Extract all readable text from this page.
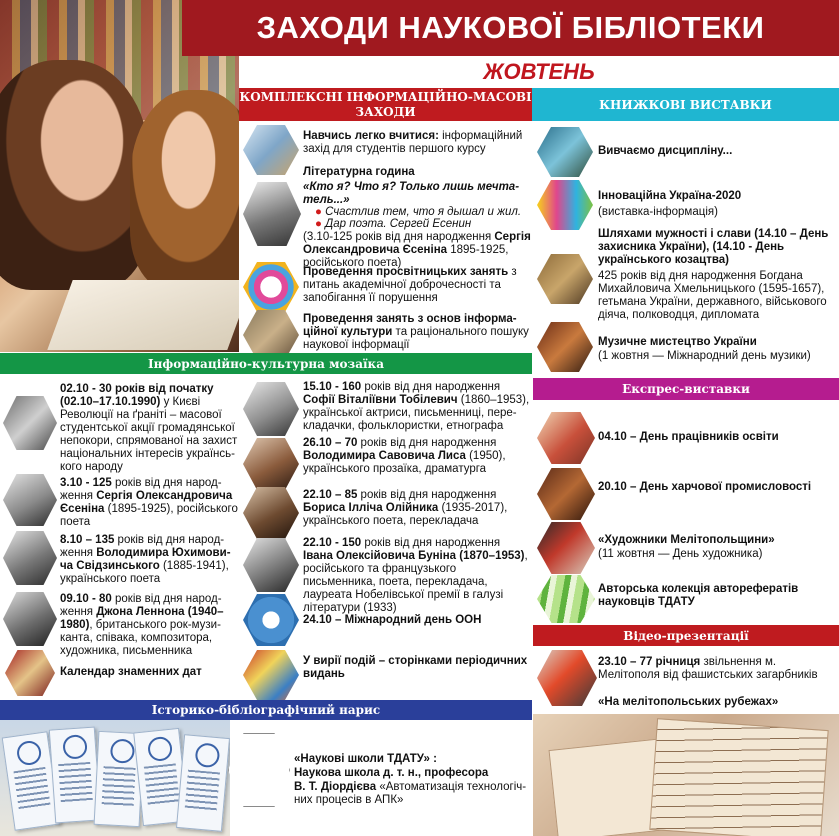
ЗАХОДИ НАУКОВОЇ БІБЛІОТЕКИ
ЖОВТЕНЬ
КОМПЛЕКСНІ ІНФОРМАЦІЙНО-МАСОВІ ЗАХОДИ
КНИЖКОВІ ВИСТАВКИ
Навчись легко вчитися: інформаційний захід для студентів першого курсу
Літературна година
«Кто я? Что я? Только лишь мечтатель...»
● Счастлив тем, что я дышал и жил.
● Дар поэта. Сергей Есенин
(3.10-125 років від дня народження Сергія Олександровича Єсеніна 1895-1925, російського поета)
Проведення просвітницьких занять з питань академічної доброчесності та запобігання її порушення
Проведення занять з основ інформаційної культури та раціонального пошуку наукової інформації
Вивчаємо дисципліну...
Інноваційна Україна-2020
(виставка-інформація)
Шляхами мужності і слави (14.10 – День захисника України), (14.10 - День українського козацтва)
425 років від дня народження Богдана Михайловича Хмельницького (1595-1657), гетьмана України, державного, військового діяча, полководця, дипломата
Музичне мистецтво України
(1 жовтня — Міжнародний день музики)
Інформаційно-культурна мозаїка
02.10 - 30 років від початку (02.10–17.10.1990) у Києві Революції на ґраніті – масової студентської акції громадянської непокори, спрямованої на захист національних інтересів українського народу
3.10 - 125 років від дня народження Сергія Олександровича Єсеніна (1895-1925), російського поета
8.10 – 135 років від дня народження Володимира Юхимовича Свідзинського (1885-1941), українського поета
09.10 - 80 років від дня народження Джона Леннона (1940–1980), британського рок-музиканта, співака, композитора, художника, письменника
Календар знаменних дат
15.10 - 160 років від дня народження Софії Віталіївни Тобілевич (1860–1953), української актриси, письменниці, перекладачки, фольклористки, етнографа
26.10 – 70 років від дня народження Володимира Савовича Лиса (1950), українського прозаїка, драматурга
22.10 – 85 років від дня народження Бориса Ілліча Олійника (1935-2017), українського поета, перекладача
22.10 - 150 років від дня народження Івана Олексійовича Буніна (1870–1953), російського та французького письменника, поета, перекладача, лауреата Нобелівської премії в галузі літератури (1933)
24.10 – Міжнародний день ООН
У вирії подій – сторінками періодичних видань
Експрес-виставки
04.10 – День працівників освіти
20.10 – День харчової промисловості
«Художники Мелітопольщини»
(11 жовтня — День художника)
Авторська колекція авторефератів науковців ТДАТУ
Відео-презентації
23.10 – 77 річниця звільнення м. Мелітополя від фашистських загарбників
«На мелітопольських рубежах»
Історико-бібліографічний нарис
«Наукові школи ТДАТУ» :
Наукова школа д. т. н., професора
В. Т. Діордієва «Автоматизація технологічних процесів в АПК»
